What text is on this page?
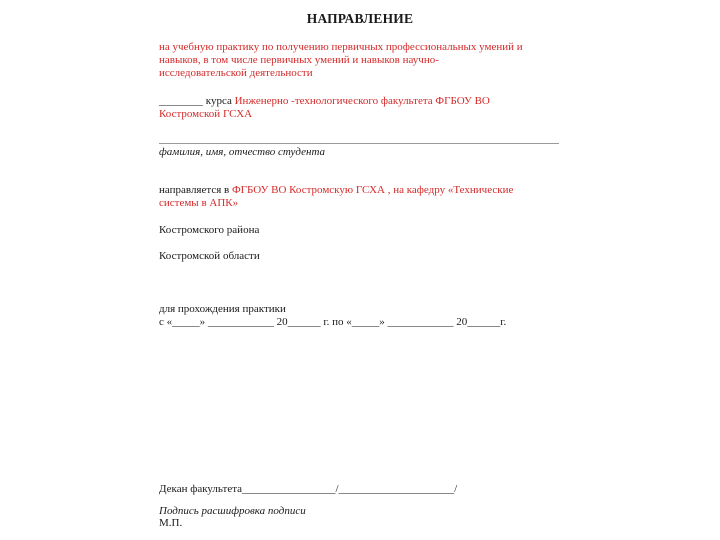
НАПРАВЛЕНИЕ
на учебную практику по получению первичных профессиональных умений и
навыков, в том числе первичных умений и навыков научно-
исследовательской деятельности
________ курса Инженерно -технологического факультета ФГБОУ ВО
Костромской ГСХА
фамилия, имя, отчество студента
направляется в ФГБОУ ВО Костромскую ГСХА , на кафедру «Технические
системы в АПК»
Костромского района
Костромской области
для прохождения практики
с «_____» ____________ 20______ г. по «_____» ____________ 20______г.
Декан факультета_________________/_____________________/
Подпись расшифровка подписи
М.П.
